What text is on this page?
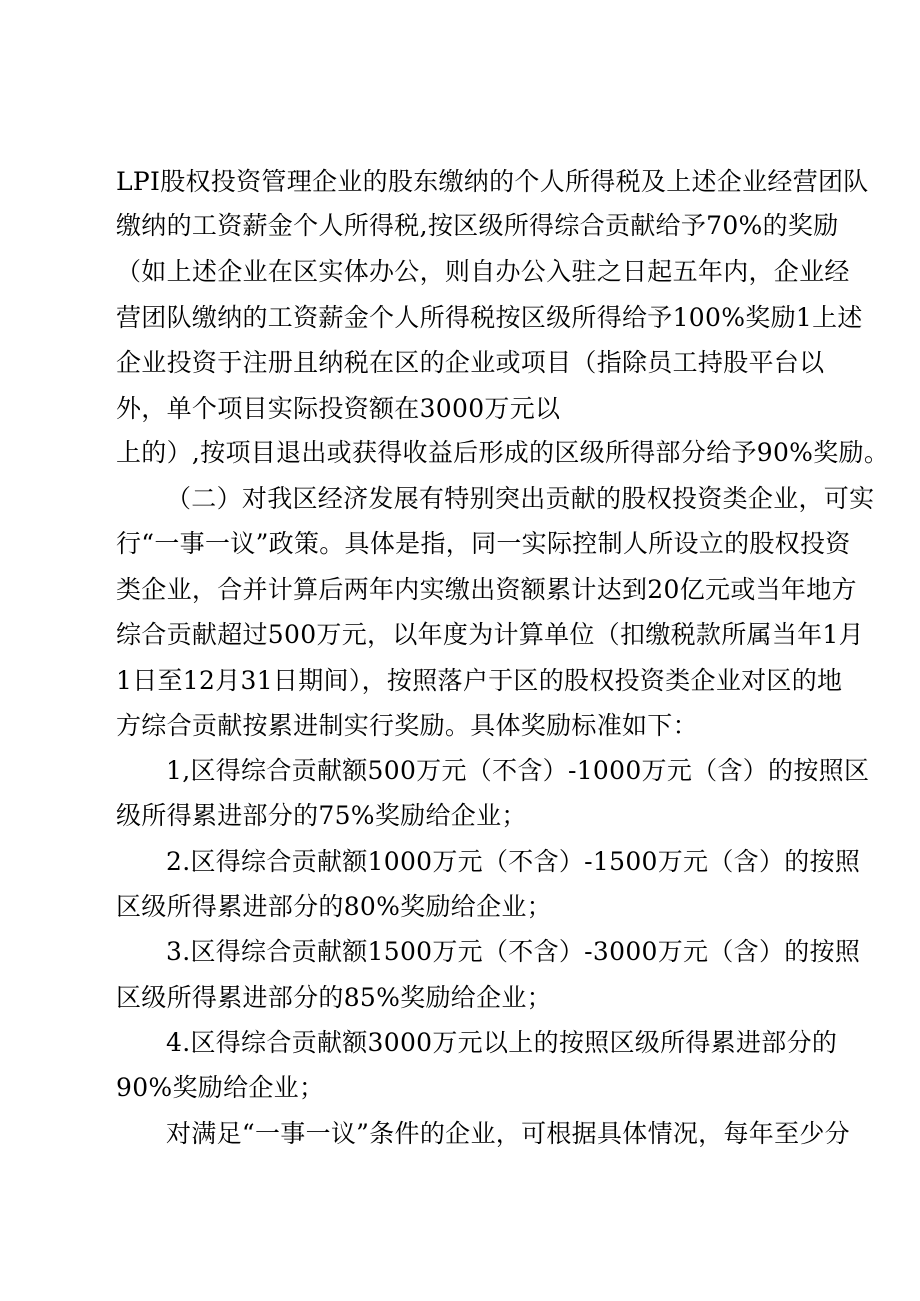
LPI股权投资管理企业的股东缴纳的个人所得税及上述企业经营团队
缴纳的工资薪金个人所得税,按区级所得综合贡献给予70%的奖励
（如上述企业在区实体办公，则自办公入驻之日起五年内，企业经
营团队缴纳的工资薪金个人所得税按区级所得给予100%奖励1上述
企业投资于注册且纳税在区的企业或项目（指除员工持股平台以
外，单个项目实际投资额在3000万元以
上的）,按项目退出或获得收益后形成的区级所得部分给予90%奖励。
（二）对我区经济发展有特别突出贡献的股权投资类企业，可实
行“一事一议”政策。具体是指，同一实际控制人所设立的股权投资
类企业，合并计算后两年内实缴出资额累计达到20亿元或当年地方
综合贡献超过500万元，以年度为计算单位（扣缴税款所属当年1月
1日至12月31日期间），按照落户于区的股权投资类企业对区的地
方综合贡献按累进制实行奖励。具体奖励标准如下：
1,区得综合贡献额500万元（不含）-1000万元（含）的按照区
级所得累进部分的75%奖励给企业；
2.区得综合贡献额1000万元（不含）-1500万元（含）的按照
区级所得累进部分的80%奖励给企业；
3.区得综合贡献额1500万元（不含）-3000万元（含）的按照
区级所得累进部分的85%奖励给企业；
4.区得综合贡献额3000万元以上的按照区级所得累进部分的
90%奖励给企业；
对满足“一事一议”条件的企业，可根据具体情况，每年至少分
